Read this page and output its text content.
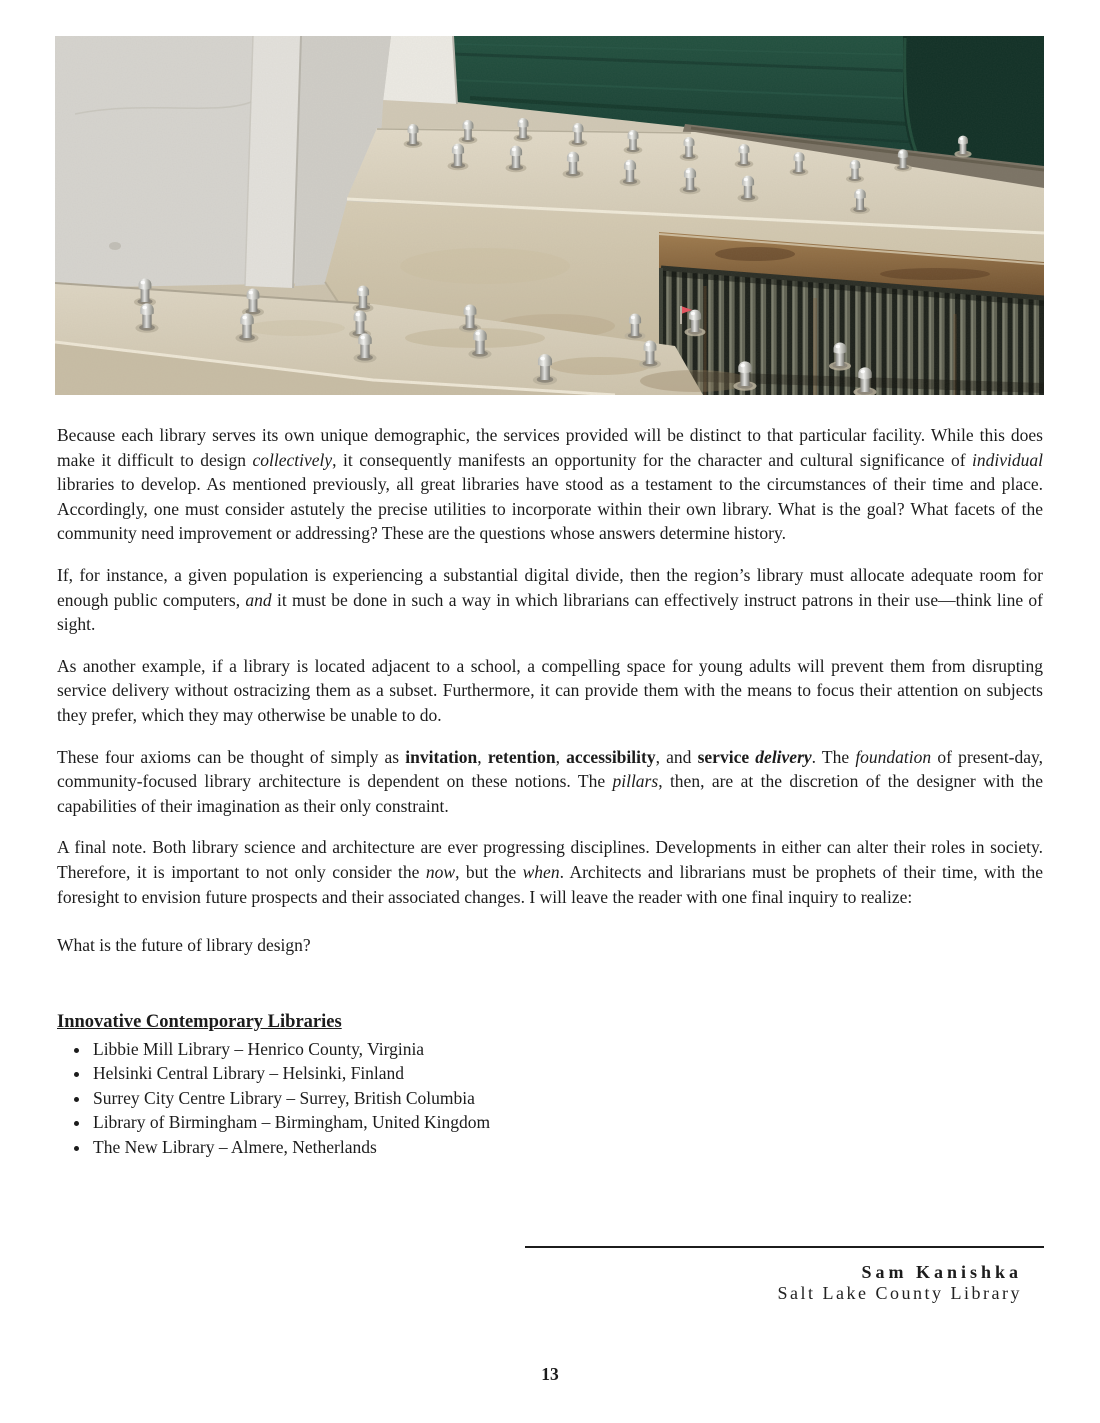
Because each library serves its own unique demographic, the services provided will be distinct to that particular facility. While this does make it difficult to design collectively, it consequently manifests an opportunity for the character and cultural significance of individual libraries to develop. As mentioned previously, all great libraries have stood as a testament to the circumstances of their time and place. Accordingly, one must consider astutely the precise utilities to incorporate within their own library. What is the goal? What facets of the community need improvement or addressing? These are the questions whose answers determine history.

If, for instance, a given population is experiencing a substantial digital divide, then the region’s library must allocate adequate room for enough public computers, and it must be done in such a way in which librarians can effectively instruct patrons in their use—think line of sight.

As another example, if a library is located adjacent to a school, a compelling space for young adults will prevent them from disrupting service delivery without ostracizing them as a subset. Furthermore, it can provide them with the means to focus their attention on subjects they prefer, which they may otherwise be unable to do.

These four axioms can be thought of simply as invitation, retention, accessibility, and service delivery. The foundation of present-day, community-focused library architecture is dependent on these notions. The pillars, then, are at the discretion of the designer with the capabilities of their imagination as their only constraint.

A final note. Both library science and architecture are ever progressing disciplines. Developments in either can alter their roles in society. Therefore, it is important to not only consider the now, but the when. Architects and librarians must be prophets of their time, with the foresight to envision future prospects and their associated changes. I will leave the reader with one final inquiry to realize:

What is the future of library design?

Innovative Contemporary Libraries
• Libbie Mill Library – Henrico County, Virginia
• Helsinki Central Library – Helsinki, Finland
• Surrey City Centre Library – Surrey, British Columbia
• Library of Birmingham – Birmingham, United Kingdom
• The New Library – Almere, Netherlands
Sam Kanishka
Salt Lake County Library
13
